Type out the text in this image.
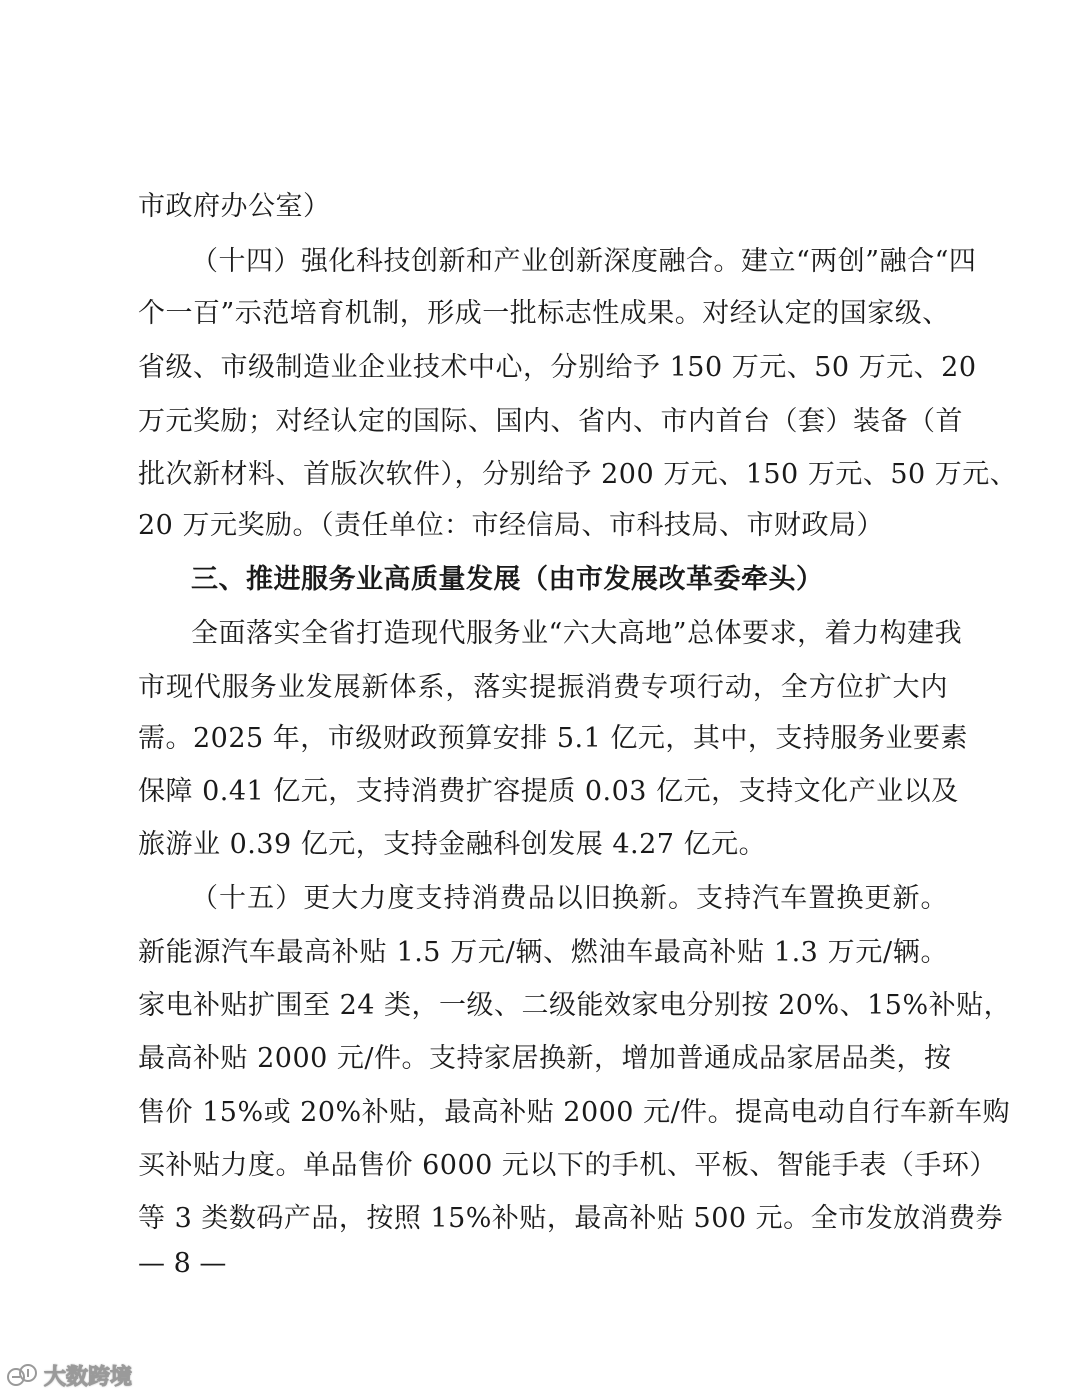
市政府办公室）
（十四）强化科技创新和产业创新深度融合。建立“两创”融合“四
个一百”示范培育机制，形成一批标志性成果。对经认定的国家级、
省级、市级制造业企业技术中心，分别给予 150 万元、50 万元、20
万元奖励；对经认定的国际、国内、省内、市内首台（套）装备（首
批次新材料、首版次软件），分别给予 200 万元、150 万元、50 万元、
20 万元奖励。（责任单位：市经信局、市科技局、市财政局）
三、推进服务业高质量发展（由市发展改革委牵头）
全面落实全省打造现代服务业“六大高地”总体要求，着力构建我
市现代服务业发展新体系，落实提振消费专项行动，全方位扩大内
需。2025 年，市级财政预算安排 5.1 亿元，其中，支持服务业要素
保障 0.41 亿元，支持消费扩容提质 0.03 亿元，支持文化产业以及
旅游业 0.39 亿元，支持金融科创发展 4.27 亿元。
（十五）更大力度支持消费品以旧换新。支持汽车置换更新。
新能源汽车最高补贴 1.5 万元/辆、燃油车最高补贴 1.3 万元/辆。
家电补贴扩围至 24 类，一级、二级能效家电分别按 20%、15%补贴，
最高补贴 2000 元/件。支持家居换新，增加普通成品家居品类，按
售价 15%或 20%补贴，最高补贴 2000 元/件。提高电动自行车新车购
买补贴力度。单品售价 6000 元以下的手机、平板、智能手表（手环）
等 3 类数码产品，按照 15%补贴，最高补贴 500 元。全市发放消费券
— 8 —
大数跨境
